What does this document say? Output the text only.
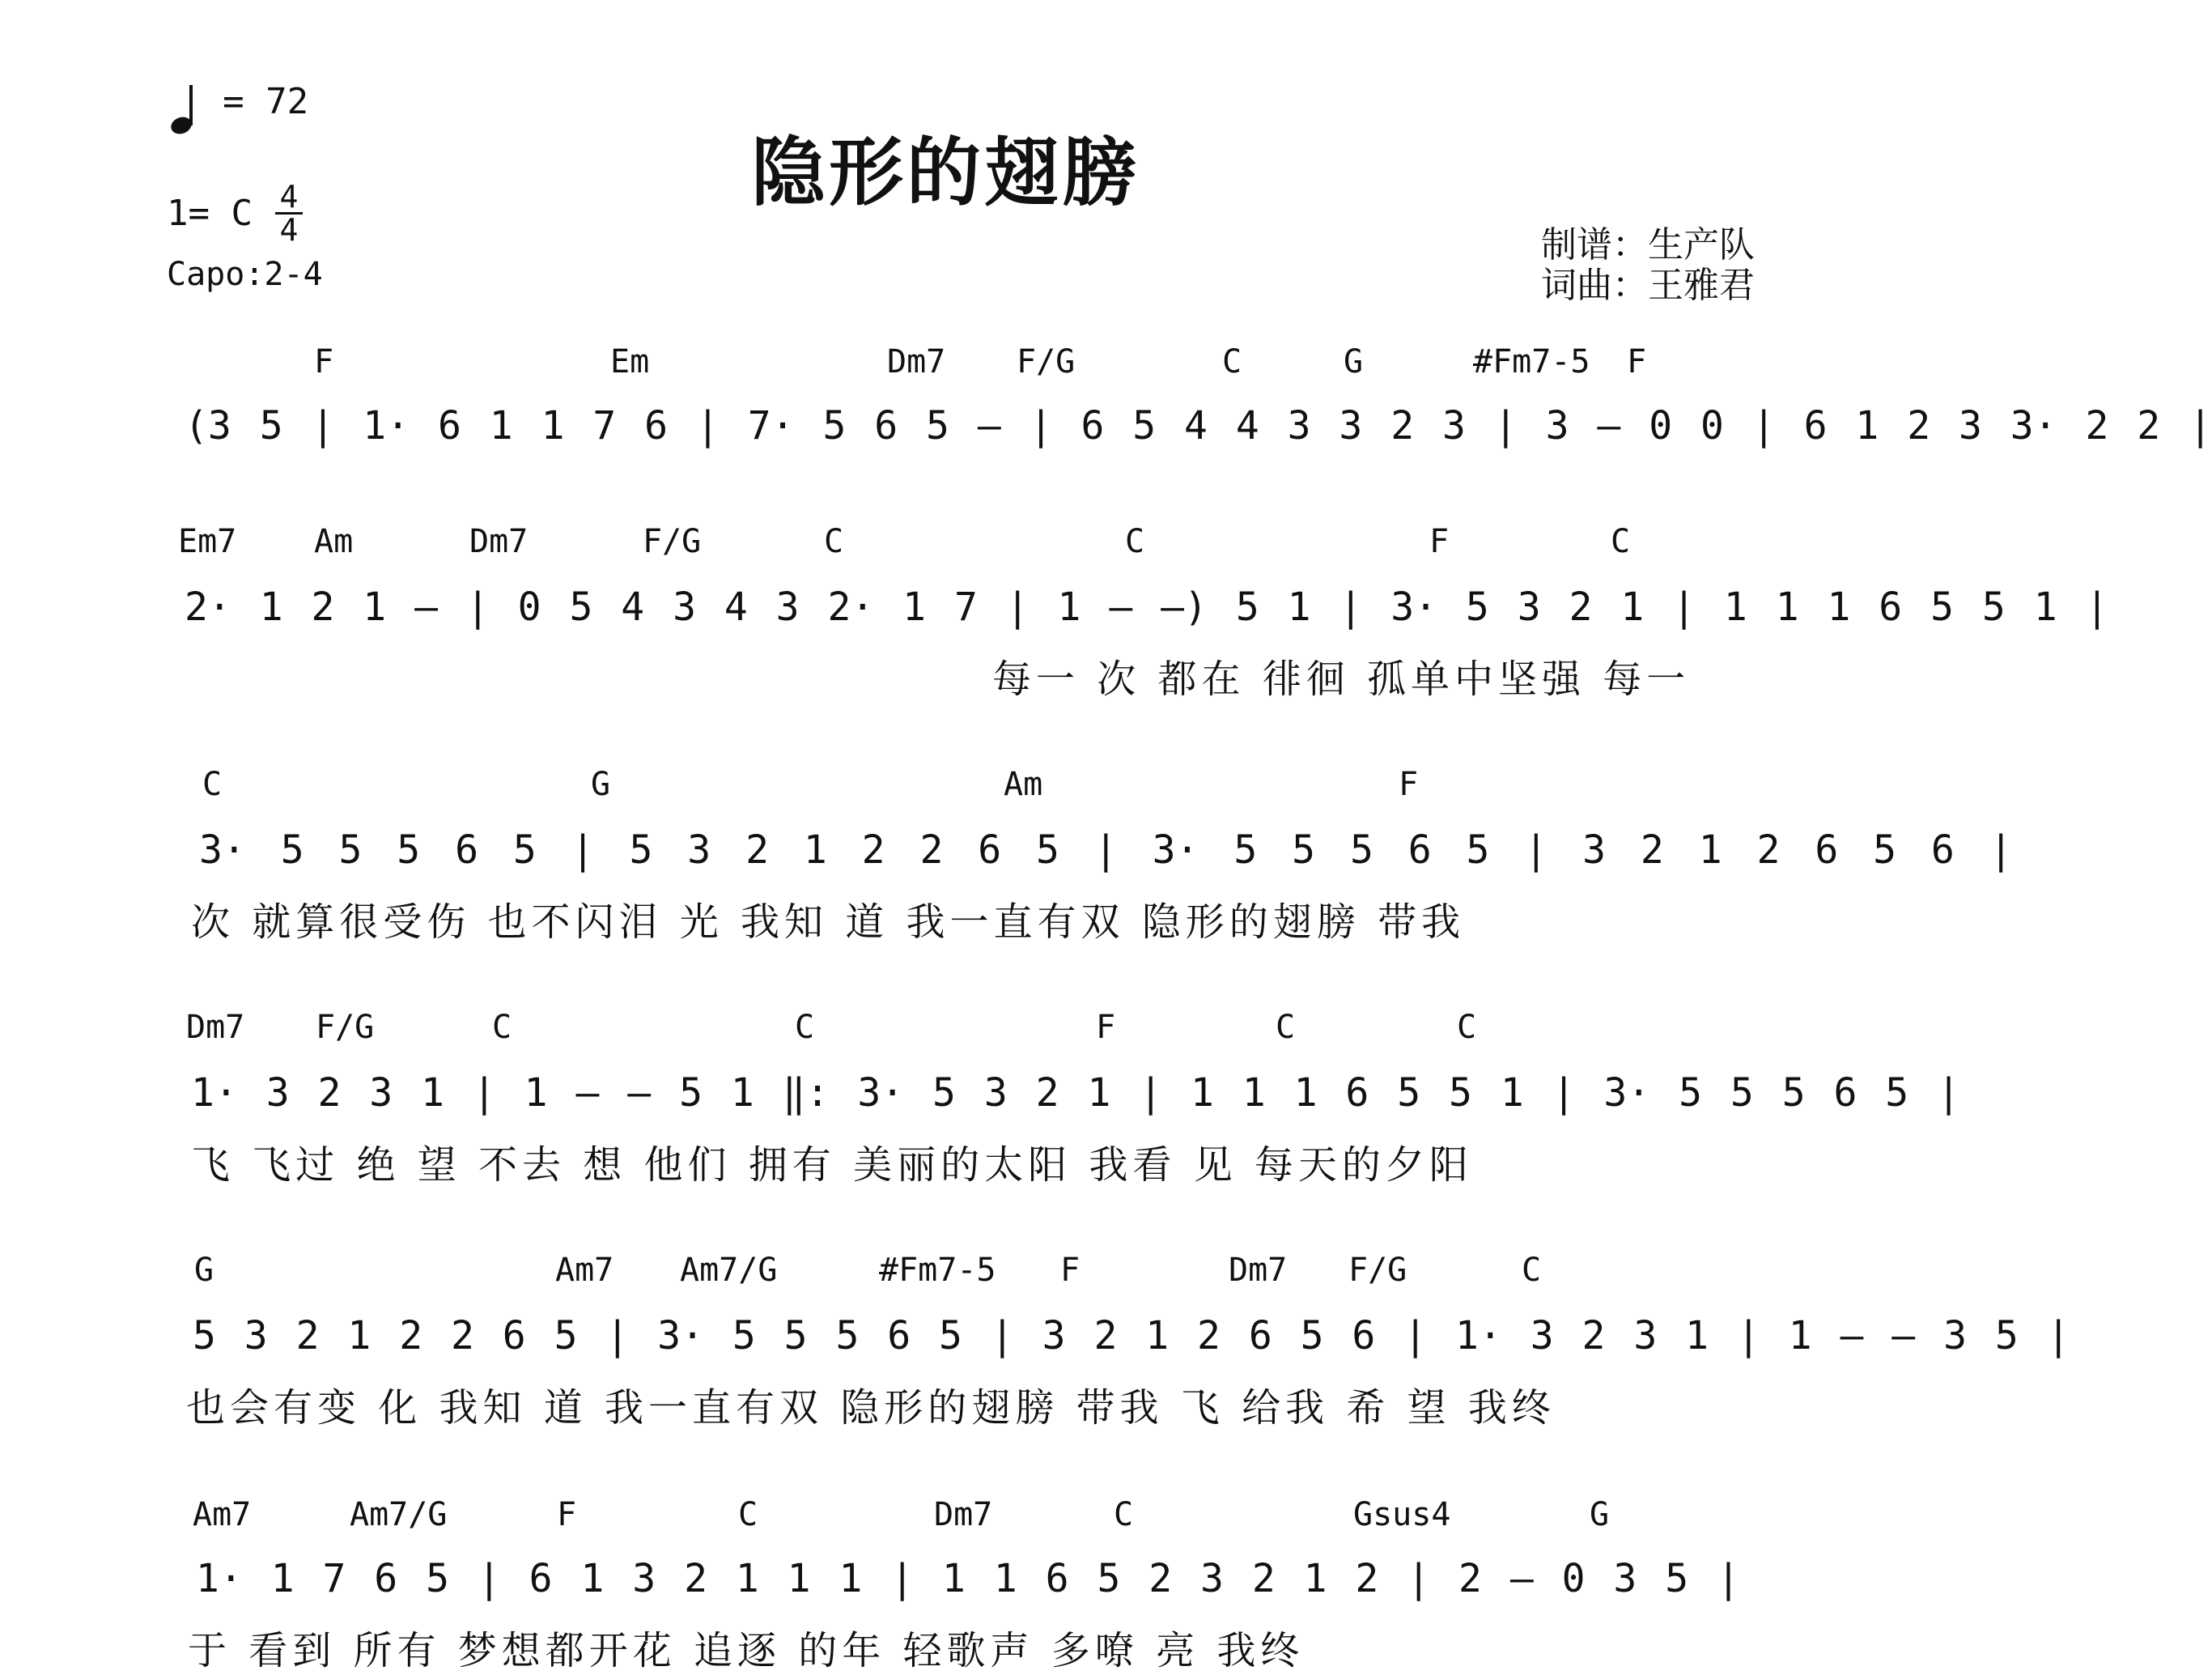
= 72
1= C 4
4
Capo:2-4
隐形的翅膀
制谱：生产队
词曲：王雅君
F	Em	Dm7 F/G	C	G	#Fm7-5 F
(3 5 | 1· 6 1 1 7 6 | 7· 5 6 5 — | 6 5 4 4 3 3 2 3 | 3 — 0 0 | 6 1 2 3 3· 2 2 |
Em7 Am	Dm7	F/G	C	C	F	C
2· 1 2 1 — | 0 5 4 3 4 3 2· 1 7 | 1 — —) 5 1 | 3· 5 3 2 1 | 1 1 1 6 5 5 1 |
每一 次 都在 徘徊 孤单中坚强 每一
C	G	Am	F
3· 5 5 5 6 5 | 5 3 2 1 2 2 6 5 | 3· 5 5 5 6 5 | 3 2 1 2 6 5 6 |
次 就算很受伤 也不闪泪 光 我知 道 我一直有双 隐形的翅膀 带我
Dm7 F/G	C	C	F	C	C
1· 3 2 3 1 | 1 — — 5 1 ‖: 3· 5 3 2 1 | 1 1 1 6 5 5 1 | 3· 5 5 5 6 5 |
飞 飞过 绝 望 不去 想 他们 拥有 美丽的太阳 我看 见 每天的夕阳
G	Am7 Am7/G	#Fm7-5 F	Dm7 F/G	C
5 3 2 1 2 2 6 5 | 3· 5 5 5 6 5 | 3 2 1 2 6 5 6 | 1· 3 2 3 1 | 1 — — 3 5 |
也会有变 化 我知 道 我一直有双 隐形的翅膀 带我 飞 给我 希 望 我终
Am7	Am7/G	F	C	Dm7	C	Gsus4	G
1· 1 7 6 5 | 6 1 3 2 1 1 1 | 1 1 6 5 2 3 2 1 2 | 2 — 0 3 5 |
于 看到 所有 梦想都开花 追逐 的年 轻歌声 多嘹 亮 我终
